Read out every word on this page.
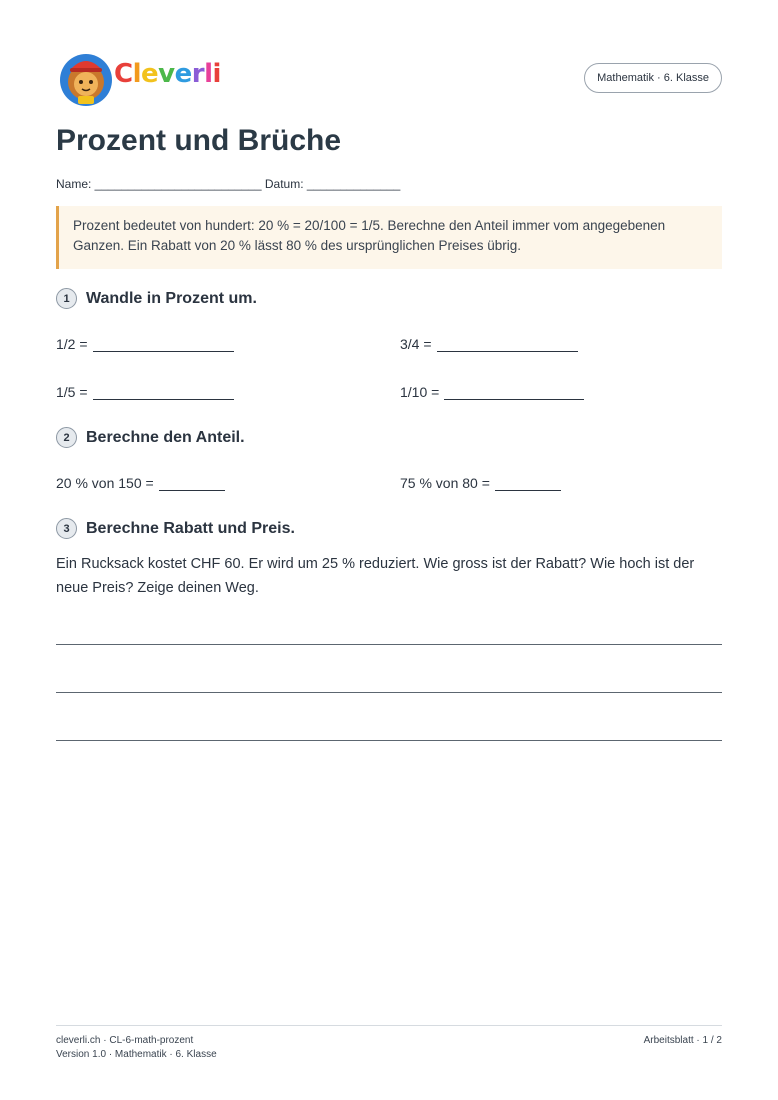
Cleverli	Mathematik · 6. Klasse
Prozent und Brüche
Name: _________________________ Datum: ______________
Prozent bedeutet von hundert: 20 % = 20/100 = 1/5. Berechne den Anteil immer vom angegebenen Ganzen. Ein Rabatt von 20 % lässt 80 % des ursprünglichen Preises übrig.
1	Wandle in Prozent um.
1/2 =	3/4 =
1/5 =	1/10 =
2	Berechne den Anteil.
20 % von 150 =	75 % von 80 =
3	Berechne Rabatt und Preis.
Ein Rucksack kostet CHF 60. Er wird um 25 % reduziert. Wie gross ist der Rabatt? Wie hoch ist der neue Preis? Zeige deinen Weg.
cleverli.ch · CL-6-math-prozent
Version 1.0 · Mathematik · 6. Klasse
Arbeitsblatt · 1 / 2
